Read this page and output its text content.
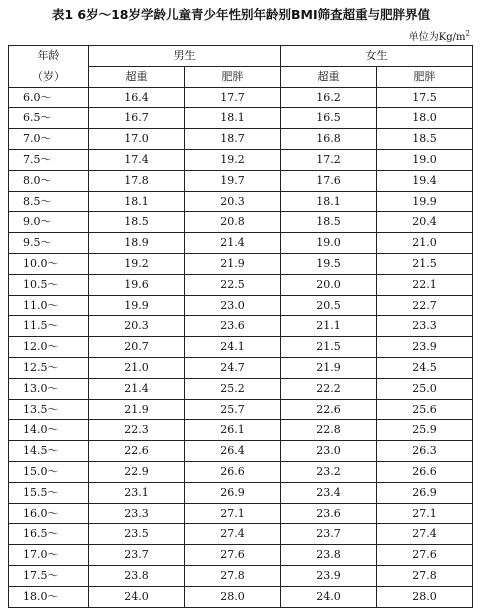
表1 6岁～18岁学龄儿童青少年性别年龄别BMI筛查超重与肥胖界值
单位为$Kg/m^2$
年龄	男生		女生	
（岁）	超重	肥胖	超重	肥胖
6.0～	16.4	17.7	16.2	17.5
6.5～	16.7	18.1	16.5	18.0
7.0～	17.0	18.7	16.8	18.5
7.5～	17.4	19.2	17.2	19.0
8.0～	17.8	19.7	17.6	19.4
8.5～	18.1	20.3	18.1	19.9
9.0～	18.5	20.8	18.5	20.4
9.5～	18.9	21.4	19.0	21.0
10.0～	19.2	21.9	19.5	21.5
10.5～	19.6	22.5	20.0	22.1
11.0～	19.9	23.0	20.5	22.7
11.5～	20.3	23.6	21.1	23.3
12.0～	20.7	24.1	21.5	23.9
12.5～	21.0	24.7	21.9	24.5
13.0～	21.4	25.2	22.2	25.0
13.5～	21.9	25.7	22.6	25.6
14.0～	22.3	26.1	22.8	25.9
14.5～	22.6	26.4	23.0	26.3
15.0～	22.9	26.6	23.2	26.6
15.5～	23.1	26.9	23.4	26.9
16.0～	23.3	27.1	23.6	27.1
16.5～	23.5	27.4	23.7	27.4
17.0～	23.7	27.6	23.8	27.6
17.5～	23.8	27.8	23.9	27.8
18.0～	24.0	28.0	24.0	28.0
